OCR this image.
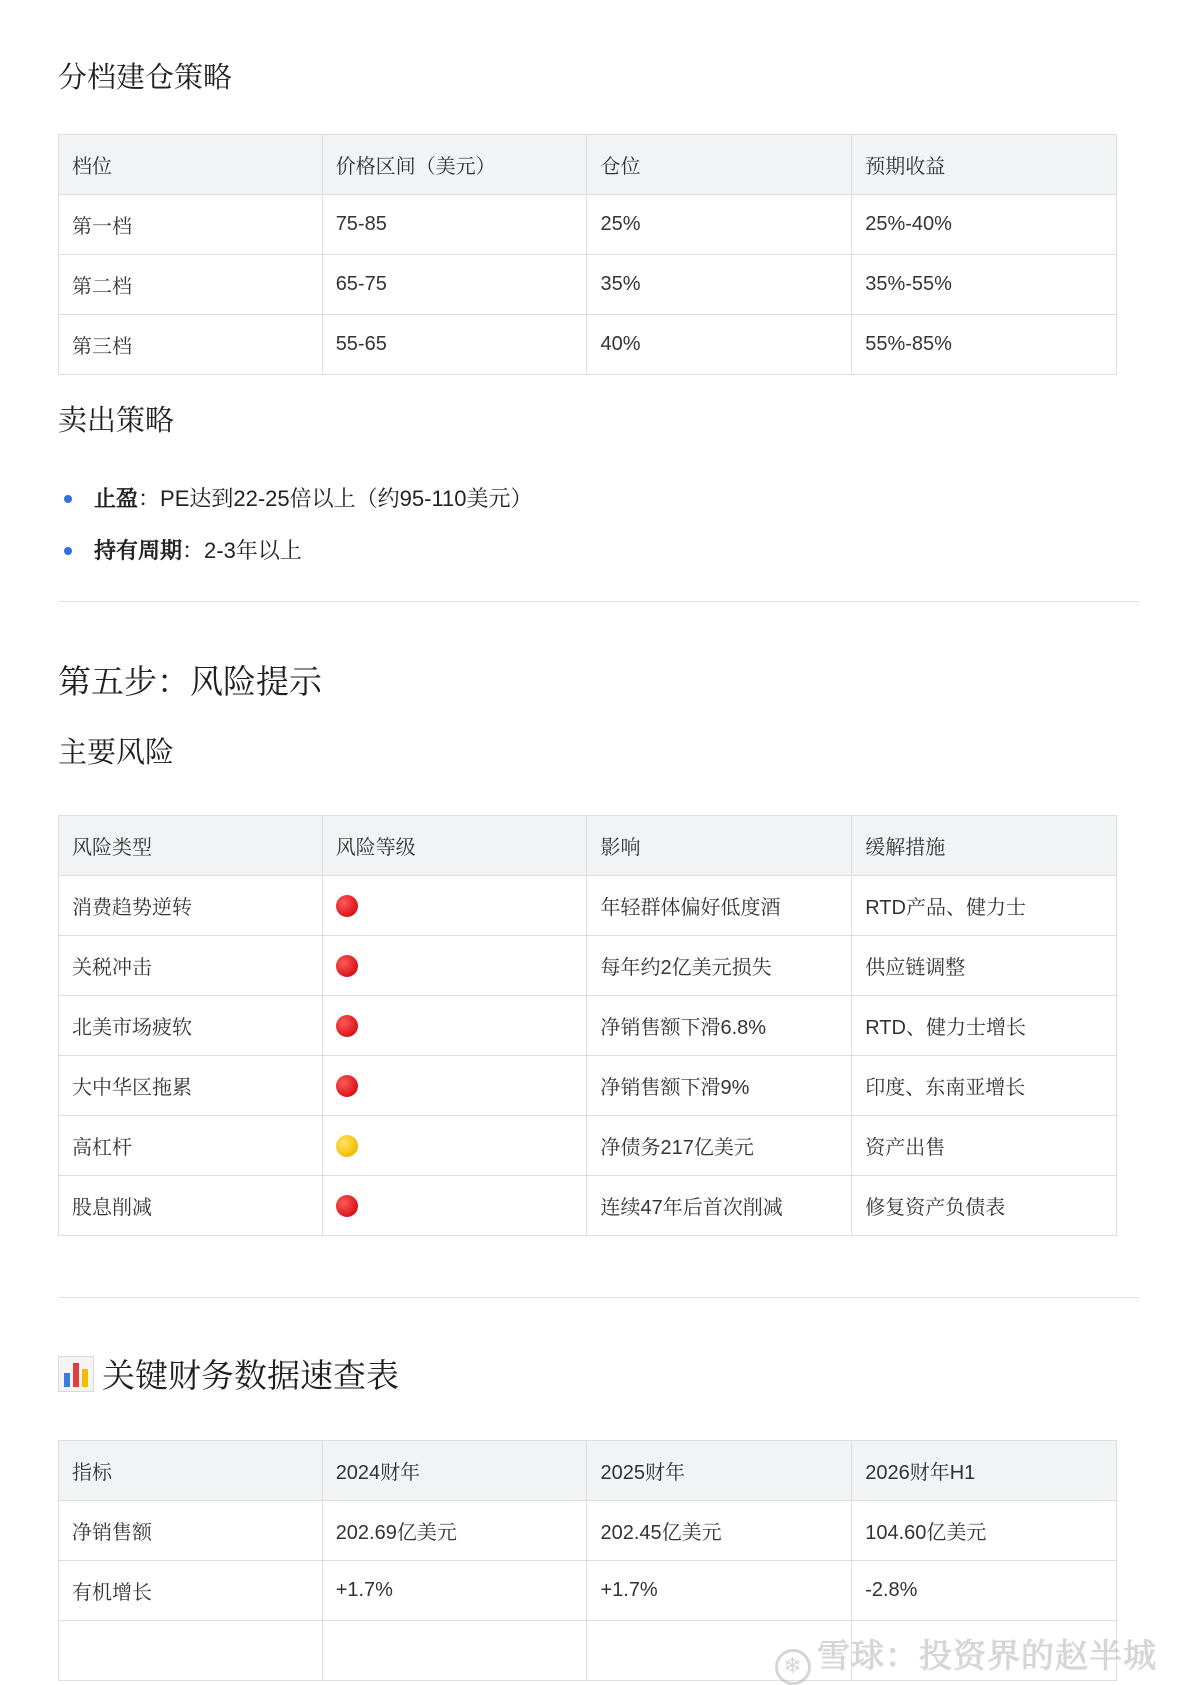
分档建仓策略
档位	价格区间（美元）	仓位	预期收益
第一档	75-85	25%	25%-40%
第二档	65-75	35%	35%-55%
第三档	55-65	40%	55%-85%
卖出策略
止盈：PE达到22-25倍以上（约95-110美元）
持有周期：2-3年以上
第五步：风险提示
主要风险
风险类型	风险等级	影响	缓解措施
消费趋势逆转		年轻群体偏好低度酒	RTD产品、健力士
关税冲击		每年约2亿美元损失	供应链调整
北美市场疲软		净销售额下滑6.8%	RTD、健力士增长
大中华区拖累		净销售额下滑9%	印度、东南亚增长
高杠杆		净债务217亿美元	资产出售
股息削减		连续47年后首次削减	修复资产负债表
关键财务数据速查表
指标	2024财年	2025财年	2026财年H1
净销售额	202.69亿美元	202.45亿美元	104.60亿美元
有机增长	+1.7%	+1.7%	-2.8%

❄ 雪球：投资界的赵半城
